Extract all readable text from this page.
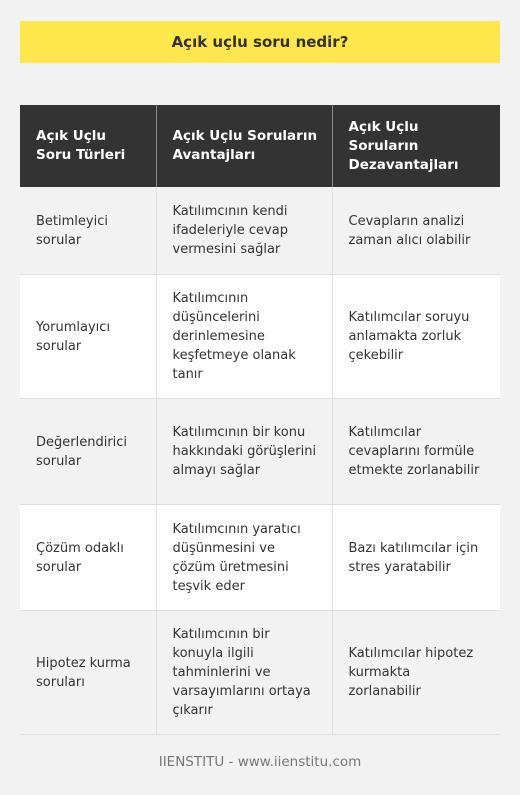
Açık uçlu soru nedir?
Açık Uçlu Soru Türleri	Açık Uçlu Soruların Avantajları	Açık Uçlu Soruların Dezavantajları
Betimleyici sorular	Katılımcının kendi ifadeleriyle cevap vermesini sağlar	Cevapların analizi zaman alıcı olabilir
Yorumlayıcı sorular	Katılımcının düşüncelerini derinlemesine keşfetmeye olanak tanır	Katılımcılar soruyu anlamakta zorluk çekebilir
Değerlendirici sorular	Katılımcının bir konu hakkındaki görüşlerini almayı sağlar	Katılımcılar cevaplarını formüle etmekte zorlanabilir
Çözüm odaklı sorular	Katılımcının yaratıcı düşünmesini ve çözüm üretmesini teşvik eder	Bazı katılımcılar için stres yaratabilir
Hipotez kurma soruları	Katılımcının bir konuyla ilgili tahminlerini ve varsayımlarını ortaya çıkarır	Katılımcılar hipotez kurmakta zorlanabilir
IIENSTITU - www.iienstitu.com
